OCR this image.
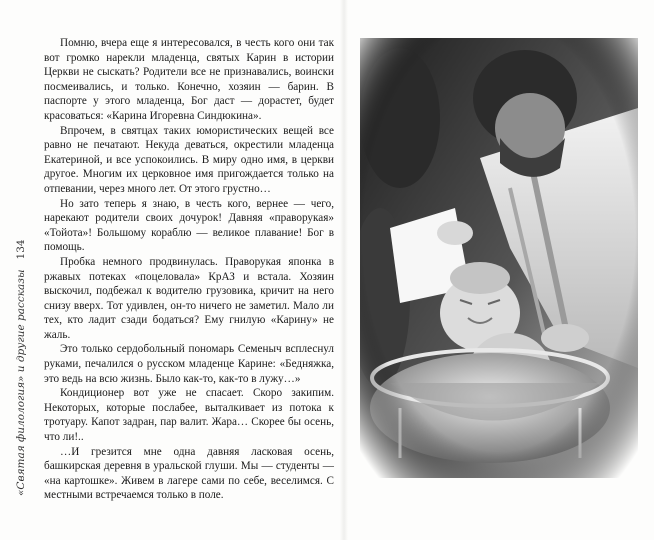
134
«Святая филология» и другие рассказы

Помню, вчера еще я интересовался, в честь кого они так вот громко нарекли младенца, святых Карин в истории Церкви не сыскать? Родители все не признавались, воински посмеивались, и только. Конечно, хозяин — барин. В паспорте у этого младенца, Бог даст — дорастет, будет красоваться: «Карина Игоревна Синдюкина».

Впрочем, в святцах таких юмористических вещей все равно не печатают. Некуда деваться, окрестили младенца Екатериной, и все успокоились. В миру одно имя, в церкви другое. Многим их церковное имя пригождается только на отпевании, через много лет. От этого грустно…

Но зато теперь я знаю, в честь кого, вернее — чего, нарекают родители своих дочурок! Давняя «праворукая» «Тойота»! Большому кораблю — великое плавание! Бог в помощь.

Пробка немного продвинулась. Праворукая японка в ржавых потеках «поцеловала» КрАЗ и встала. Хозяин выскочил, подбежал к водителю грузовика, кричит на него снизу вверх. Тот удивлен, он-то ничего не заметил. Мало ли тех, кто ладит сзади бодаться? Ему гнилую «Карину» не жаль.

Это только сердобольный пономарь Семеныч всплеснул руками, печалился о русском младенце Карине: «Бедняжка, это ведь на всю жизнь. Было как-то, как-то в лужу…»

Кондиционер вот уже не спасает. Скоро закипим. Некоторых, которые послабее, выталкивает из потока к тротуару. Капот задран, пар валит. Жара… Скорее бы осень, что ли!..

…И грезится мне одна давняя ласковая осень, башкирская деревня в уральской глуши. Мы — студенты — «на картошке». Живем в лагере сами по себе, веселимся. С местными встречаемся только в поле.
